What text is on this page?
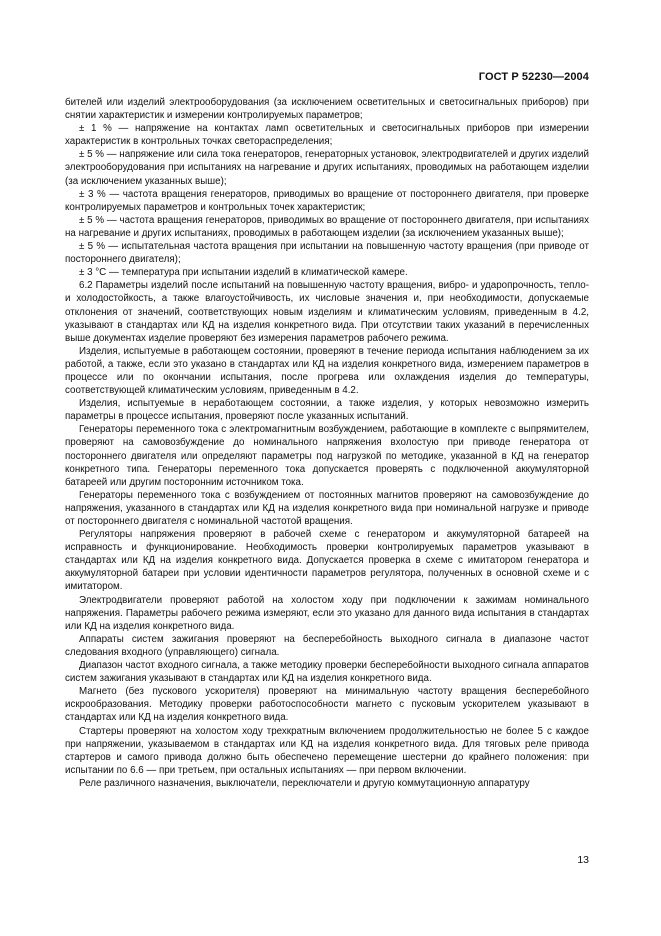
ГОСТ Р 52230—2004

бителей или изделий электрооборудования (за исключением осветительных и светосигнальных приборов) при снятии характеристик и измерении контролируемых параметров;

± 1 % — напряжение на контактах ламп осветительных и светосигнальных приборов при измерении характеристик в контрольных точках светораспределения;

± 5 % — напряжение или сила тока генераторов, генераторных установок, электродвигателей и других изделий электрооборудования при испытаниях на нагревание и других испытаниях, проводимых на работающем изделии (за исключением указанных выше);

± 3 % — частота вращения генераторов, приводимых во вращение от постороннего двигателя, при проверке контролируемых параметров и контрольных точек характеристик;

± 5 % — частота вращения генераторов, приводимых во вращение от постороннего двигателя, при испытаниях на нагревание и других испытаниях, проводимых в работающем изделии (за исключением указанных выше);

± 5 % — испытательная частота вращения при испытании на повышенную частоту вращения (при приводе от постороннего двигателя);

± 3 °С — температура при испытании изделий в климатической камере.

6.2 Параметры изделий после испытаний на повышенную частоту вращения, вибро- и удaропрочность, тепло- и холодостойкость, а также влагоустойчивость, их числовые значения и, при необходимости, допускаемые отклонения от значений, соответствующих новым изделиям и климатическим условиям, приведенным в 4.2, указывают в стандартах или КД на изделия конкретного вида. При отсутствии таких указаний в перечисленных выше документах изделие проверяют без измерения параметров рабочего режима.

Изделия, испытуемые в работающем состоянии, проверяют в течение периода испытания наблюдением за их работой, а также, если это указано в стандартах или КД на изделия конкретного вида, измерением параметров в процессе или по окончании испытания, после прогрева или охлаждения изделия до температуры, соответствующей климатическим условиям, приведенным в 4.2.

Изделия, испытуемые в нерабoтающем состоянии, а также изделия, у которых невозможно измерить параметры в процессе испытания, проверяют после указанных испытаний.

Генераторы переменного тока с электромагнитным возбуждением, работающие в комплекте с выпрямителем, проверяют на самовозбуждение до номинального напряжения вхолостую при приводе генератора от постороннего двигателя или определяют параметры под нагрузкой по методике, указанной в КД на генератор конкретного типа. Генераторы переменного тока допускается проверять с подключенной аккумуляторной батареей или другим посторонним источником тока.

Генераторы переменного тока с возбуждением от постоянных магнитов проверяют на самовозбуждение до напряжения, указанного в стандартах или КД на изделия конкретного вида при номинальной нагрузке и приводе от постороннего двигателя с номинальной частотой вращения.

Регуляторы напряжения проверяют в рабочей схеме с генератором и аккумуляторной батареей на исправность и функционирование. Необходимость проверки контролируемых параметров указывают в стандартах или КД на изделия конкретного вида. Допускается проверка в схеме с имитатором генератора и аккумуляторной батареи при условии идентичности параметров регулятора, полученных в основной схеме и с имитатором.

Электродвигатели проверяют работой на холостом ходу при подключении к зажимам номинального напряжения. Параметры рабочего режима измеряют, если это указано для данного вида испытания в стандартах или КД на изделия конкретного вида.

Аппараты систем зажигания проверяют на бесперебойность выходного сигнала в диапазоне частот следования входного (управляющего) сигнала.

Диапазон частот входного сигнала, а также методику проверки бесперебойности выходного сигнала аппаратов систем зажигания указывают в стандартах или КД на изделия конкретного вида.

Магнето (без пускового ускорителя) проверяют на минимальную частоту вращения бесперебойного искрообразования. Методику проверки работоспособности магнето с пусковым ускорителем указывают в стандартах или КД на изделия конкретного вида.

Стартеры проверяют на холостом ходу трехкратным включением продолжительностью не более 5 с каждое при напряжении, указываемом в стандартах или КД на изделия конкретного вида. Для тяговых реле привода стартеров и самого привода должно быть обеспечено перемещение шестерни до крайнего положения: при испытании по 6.6 — при третьем, при остальных испытаниях — при первом включении.

Реле различного назначения, выключатели, переключатели и другую коммутационную аппаратуру

13
